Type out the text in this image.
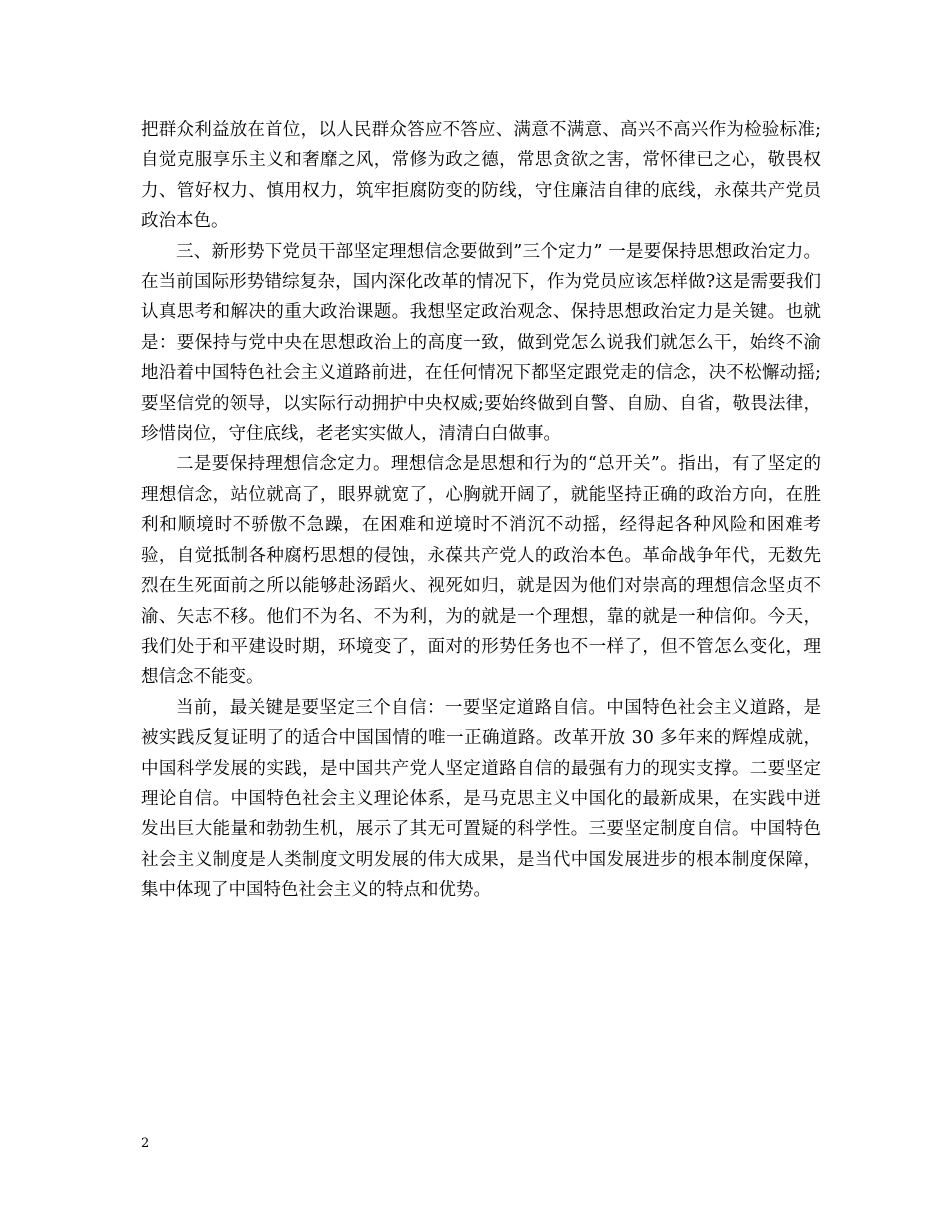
把群众利益放在首位，以人民群众答应不答应、满意不满意、高兴不高兴作为检验标准;自觉克服享乐主义和奢靡之风，常修为政之德，常思贪欲之害，常怀律已之心，敬畏权力、管好权力、慎用权力，筑牢拒腐防变的防线，守住廉洁自律的底线，永葆共产党员政治本色。

三、新形势下党员干部坚定理想信念要做到”三个定力” 一是要保持思想政治定力。在当前国际形势错综复杂，国内深化改革的情况下，作为党员应该怎样做?这是需要我们认真思考和解决的重大政治课题。我想坚定政治观念、保持思想政治定力是关键。也就是：要保持与党中央在思想政治上的高度一致，做到党怎么说我们就怎么干，始终不渝地沿着中国特色社会主义道路前进，在任何情况下都坚定跟党走的信念，决不松懈动摇;要坚信党的领导，以实际行动拥护中央权威;要始终做到自警、自励、自省，敬畏法律，珍惜岗位，守住底线，老老实实做人，清清白白做事。

二是要保持理想信念定力。理想信念是思想和行为的“总开关”。指出，有了坚定的理想信念，站位就高了，眼界就宽了，心胸就开阔了，就能坚持正确的政治方向，在胜利和顺境时不骄傲不急躁，在困难和逆境时不消沉不动摇，经得起各种风险和困难考验，自觉抵制各种腐朽思想的侵蚀，永葆共产党人的政治本色。革命战争年代，无数先烈在生死面前之所以能够赴汤蹈火、视死如归，就是因为他们对崇高的理想信念坚贞不渝、矢志不移。他们不为名、不为利，为的就是一个理想，靠的就是一种信仰。今天，我们处于和平建设时期，环境变了，面对的形势任务也不一样了，但不管怎么变化，理想信念不能变。

当前，最关键是要坚定三个自信：一要坚定道路自信。中国特色社会主义道路，是被实践反复证明了的适合中国国情的唯一正确道路。改革开放 30 多年来的辉煌成就，中国科学发展的实践，是中国共产党人坚定道路自信的最强有力的现实支撑。二要坚定理论自信。中国特色社会主义理论体系，是马克思主义中国化的最新成果，在实践中迸发出巨大能量和勃勃生机，展示了其无可置疑的科学性。三要坚定制度自信。中国特色社会主义制度是人类制度文明发展的伟大成果，是当代中国发展进步的根本制度保障，集中体现了中国特色社会主义的特点和优势。

2
